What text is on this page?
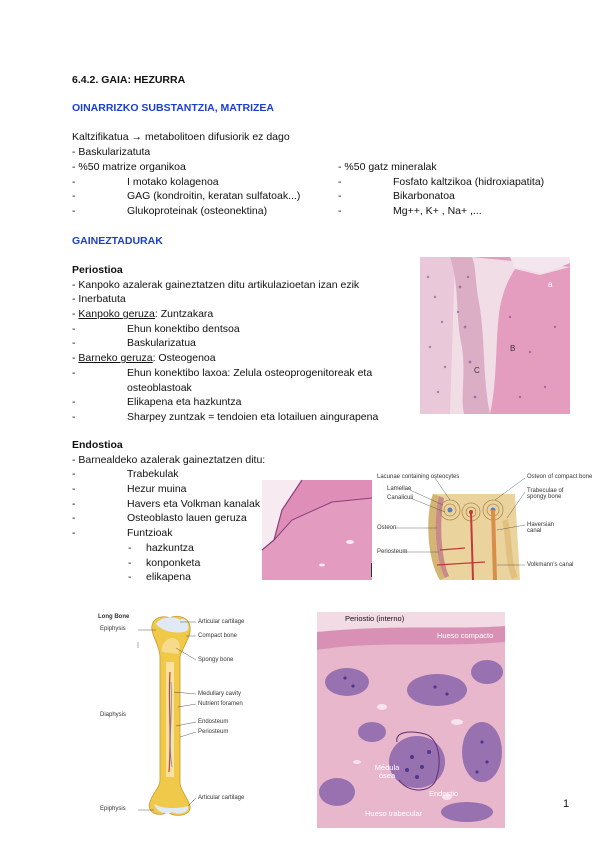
6.4.2. GAIA: HEZURRA
OINARRIZKO SUBSTANTZIA, MATRIZEA
Kaltzifikatua → metabolitoen difusiorik ez dago
- Baskularizatuta
- %50 matrize organikoa
- I motako kolagenoa
- GAG (kondroitin, keratan sulfatoak...)
- Glukoproteinak (osteonektina)
- %50 gatz mineralak
- Fosfato kaltzikoa (hidroxiapatita)
- Bikarbonatoa
- Mg++, K+ , Na+ ,...
GAINEZTADURAK
Periostioa
- Kanpoko azalerak gaineztatzen ditu artikulazioetan izan ezik
- Inerbatuta
- Kanpoko geruza: Zuntzakara
- Ehun konektibo dentsoa
- Baskularizatua
- Barneko geruza: Osteogenoa
- Ehun konektibo laxoa: Zelula osteoprogenitoreak eta
osteoblastoak
- Elikapena eta hazkuntza
- Sharpey zuntzak = tendoien eta lotailuen aingurapena
Endostioa
- Barnealdeko azalerak gaineztatzen ditu:
- Trabekulak
- Hezur muina
- Havers eta Volkman kanalak
- Osteoblasto lauen geruza
- Funtzioak
- hazkuntza
- konponketa
- elikapena
a
B
C
Lacunae containing osteocytes
Lamellae
Canaliculi
Osteon
Periosteum
Osteon of compact bone
Trabeculae of spongy bone
Haversian canal
Volkmann's canal
Long Bone
Epiphysis
Diaphysis
Epiphysis
Articular cartilage
Compact bone
Spongy bone
Medullary cavity
Nutrient foramen
Endosteum
Periosteum
Articular cartilage
Periostio (interno)
Hueso compacto
Médula ósea
Endostio
Hueso trabecular
1
